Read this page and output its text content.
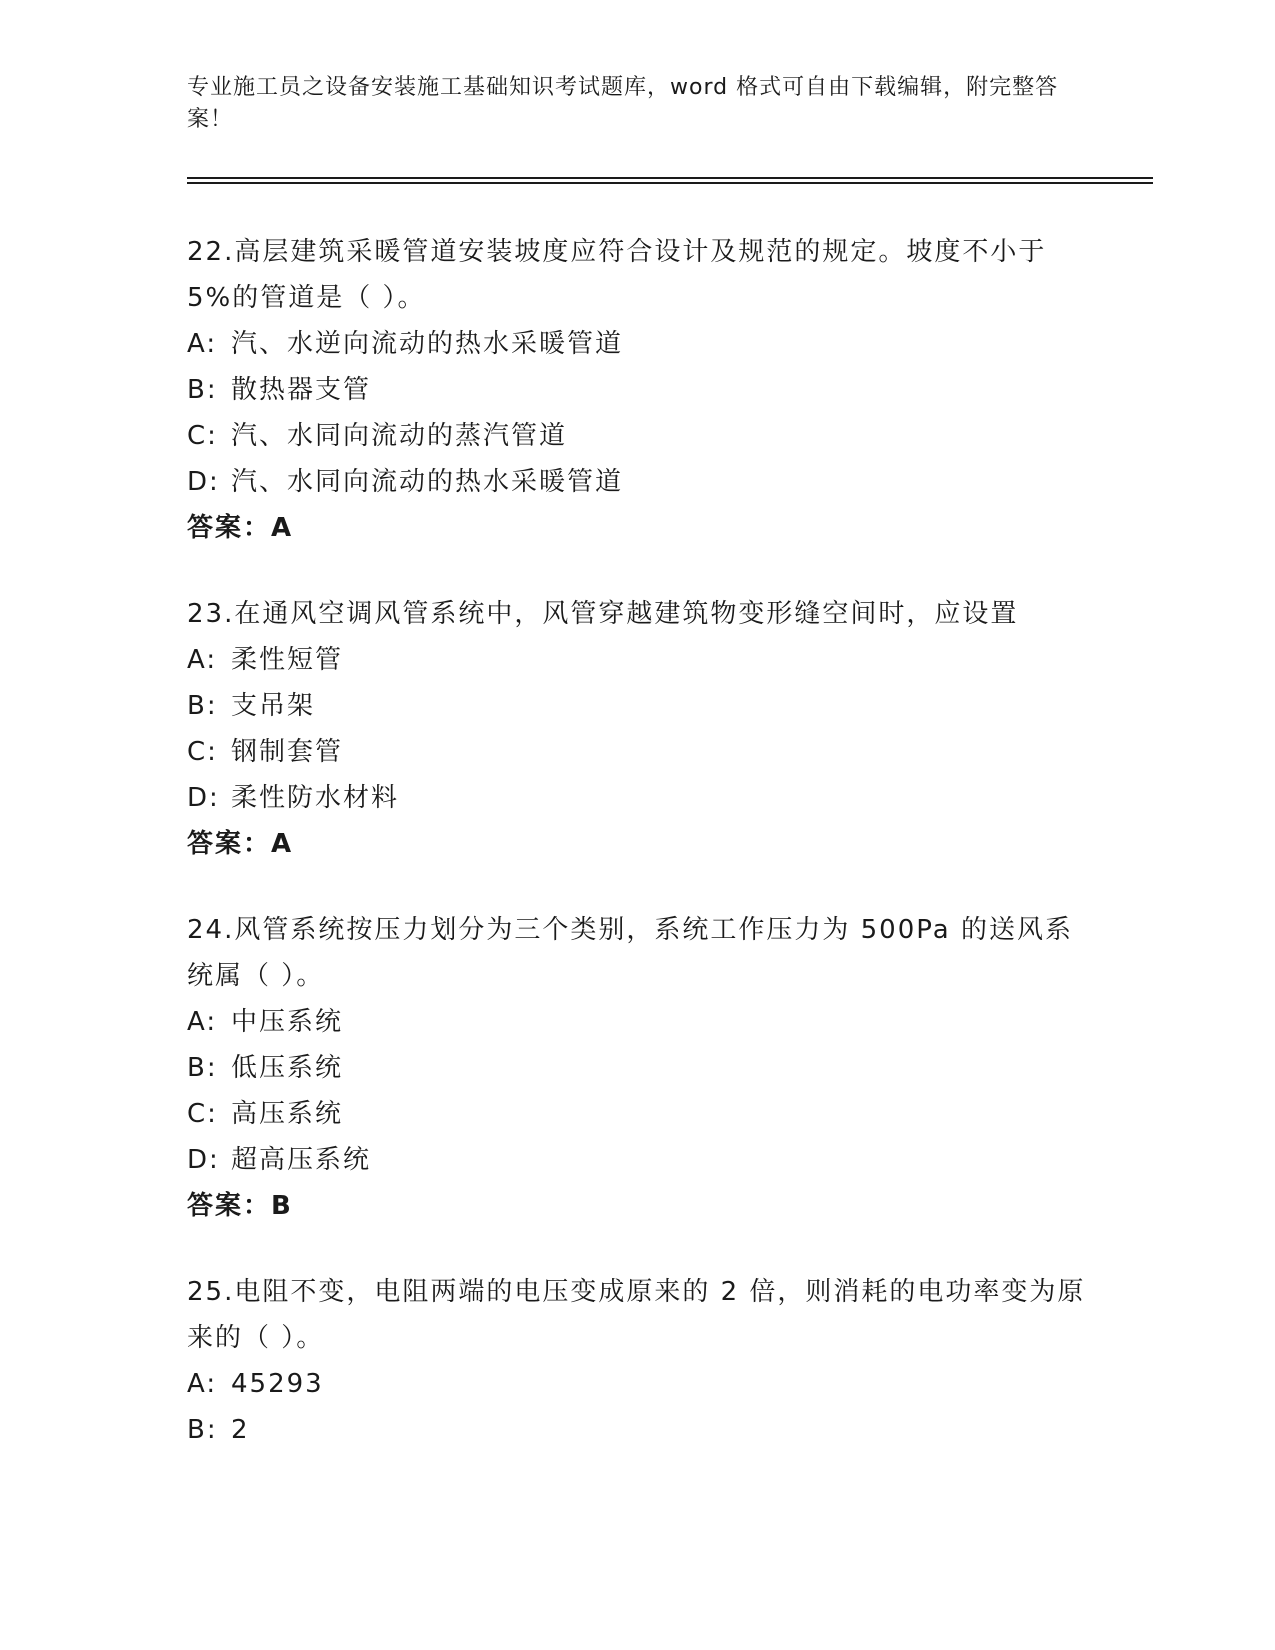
专业施工员之设备安装施工基础知识考试题库，word 格式可自由下载编辑，附完整答案！

22.高层建筑采暖管道安装坡度应符合设计及规范的规定。坡度不小于5%的管道是（ ）。

A: 汽、水逆向流动的热水采暖管道

B: 散热器支管

C: 汽、水同向流动的蒸汽管道

D: 汽、水同向流动的热水采暖管道

答案：A

23.在通风空调风管系统中，风管穿越建筑物变形缝空间时，应设置

A: 柔性短管

B: 支吊架

C: 钢制套管

D: 柔性防水材料

答案：A

24.风管系统按压力划分为三个类别，系统工作压力为 500Pa 的送风系统属（ ）。

A: 中压系统

B: 低压系统

C: 高压系统

D: 超高压系统

答案：B

25.电阻不变，电阻两端的电压变成原来的 2 倍，则消耗的电功率变为原来的（ ）。

A: 45293

B: 2
